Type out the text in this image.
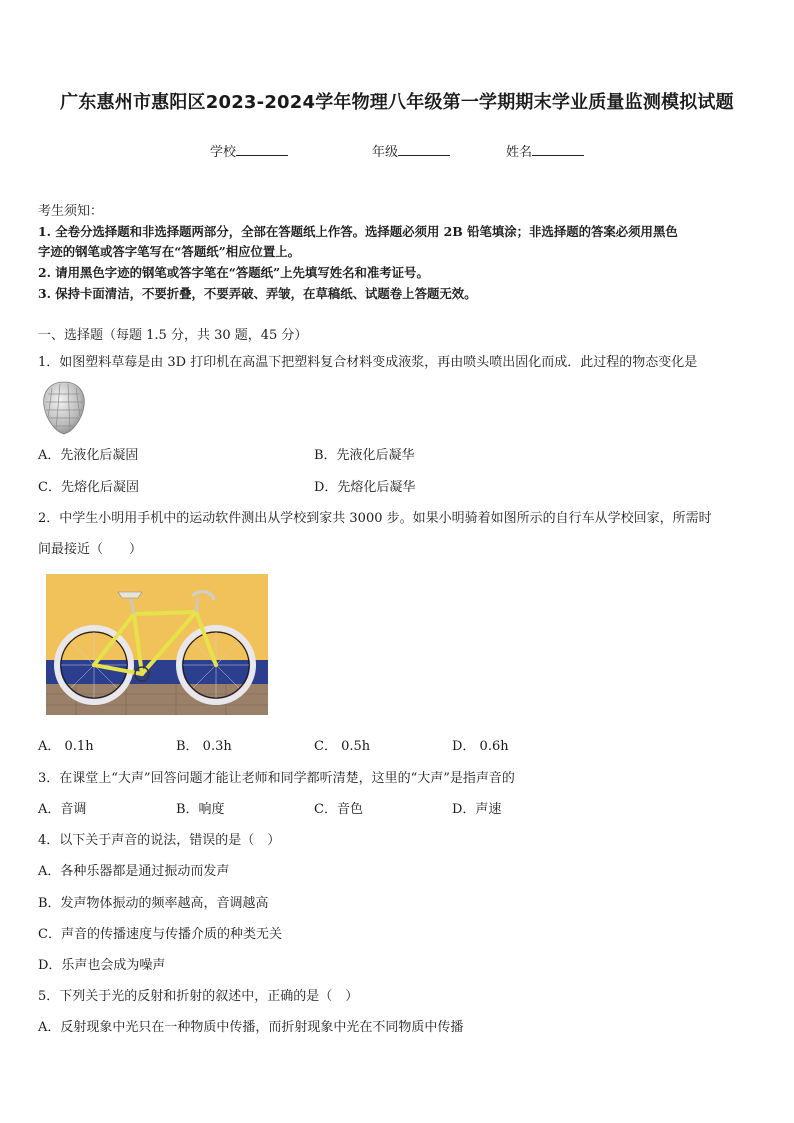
广东惠州市惠阳区2023-2024学年物理八年级第一学期期末学业质量监测模拟试题
学校	年级	姓名
考生须知：
1. 全卷分选择题和非选择题两部分，全部在答题纸上作答。选择题必须用 2B 铅笔填涂；非选择题的答案必须用黑色
字迹的钢笔或答字笔写在“答题纸”相应位置上。
2. 请用黑色字迹的钢笔或答字笔在“答题纸”上先填写姓名和准考证号。
3. 保持卡面清洁，不要折叠，不要弄破、弄皱，在草稿纸、试题卷上答题无效。
一、选择题（每题 1.5 分，共 30 题，45 分）
1．如图塑料草莓是由 3D 打印机在高温下把塑料复合材料变成液浆，再由喷头喷出固化而成．此过程的物态变化是
A．先液化后凝固	B．先液化后凝华
C．先熔化后凝固	D．先熔化后凝华
2．中学生小明用手机中的运动软件测出从学校到家共 3000 步。如果小明骑着如图所示的自行车从学校回家，所需时
间最接近（　　）
A． 0.1h	B． 0.3h	C． 0.5h	D． 0.6h
3．在课堂上“大声”回答问题才能让老师和同学都听清楚，这里的“大声”是指声音的
A．音调	B．响度	C．音色	D．声速
4．以下关于声音的说法，错误的是（　）
A．各种乐器都是通过振动而发声
B．发声物体振动的频率越高，音调越高
C．声音的传播速度与传播介质的种类无关
D．乐声也会成为噪声
5．下列关于光的反射和折射的叙述中，正确的是（　）
A．反射现象中光只在一种物质中传播，而折射现象中光在不同物质中传播
